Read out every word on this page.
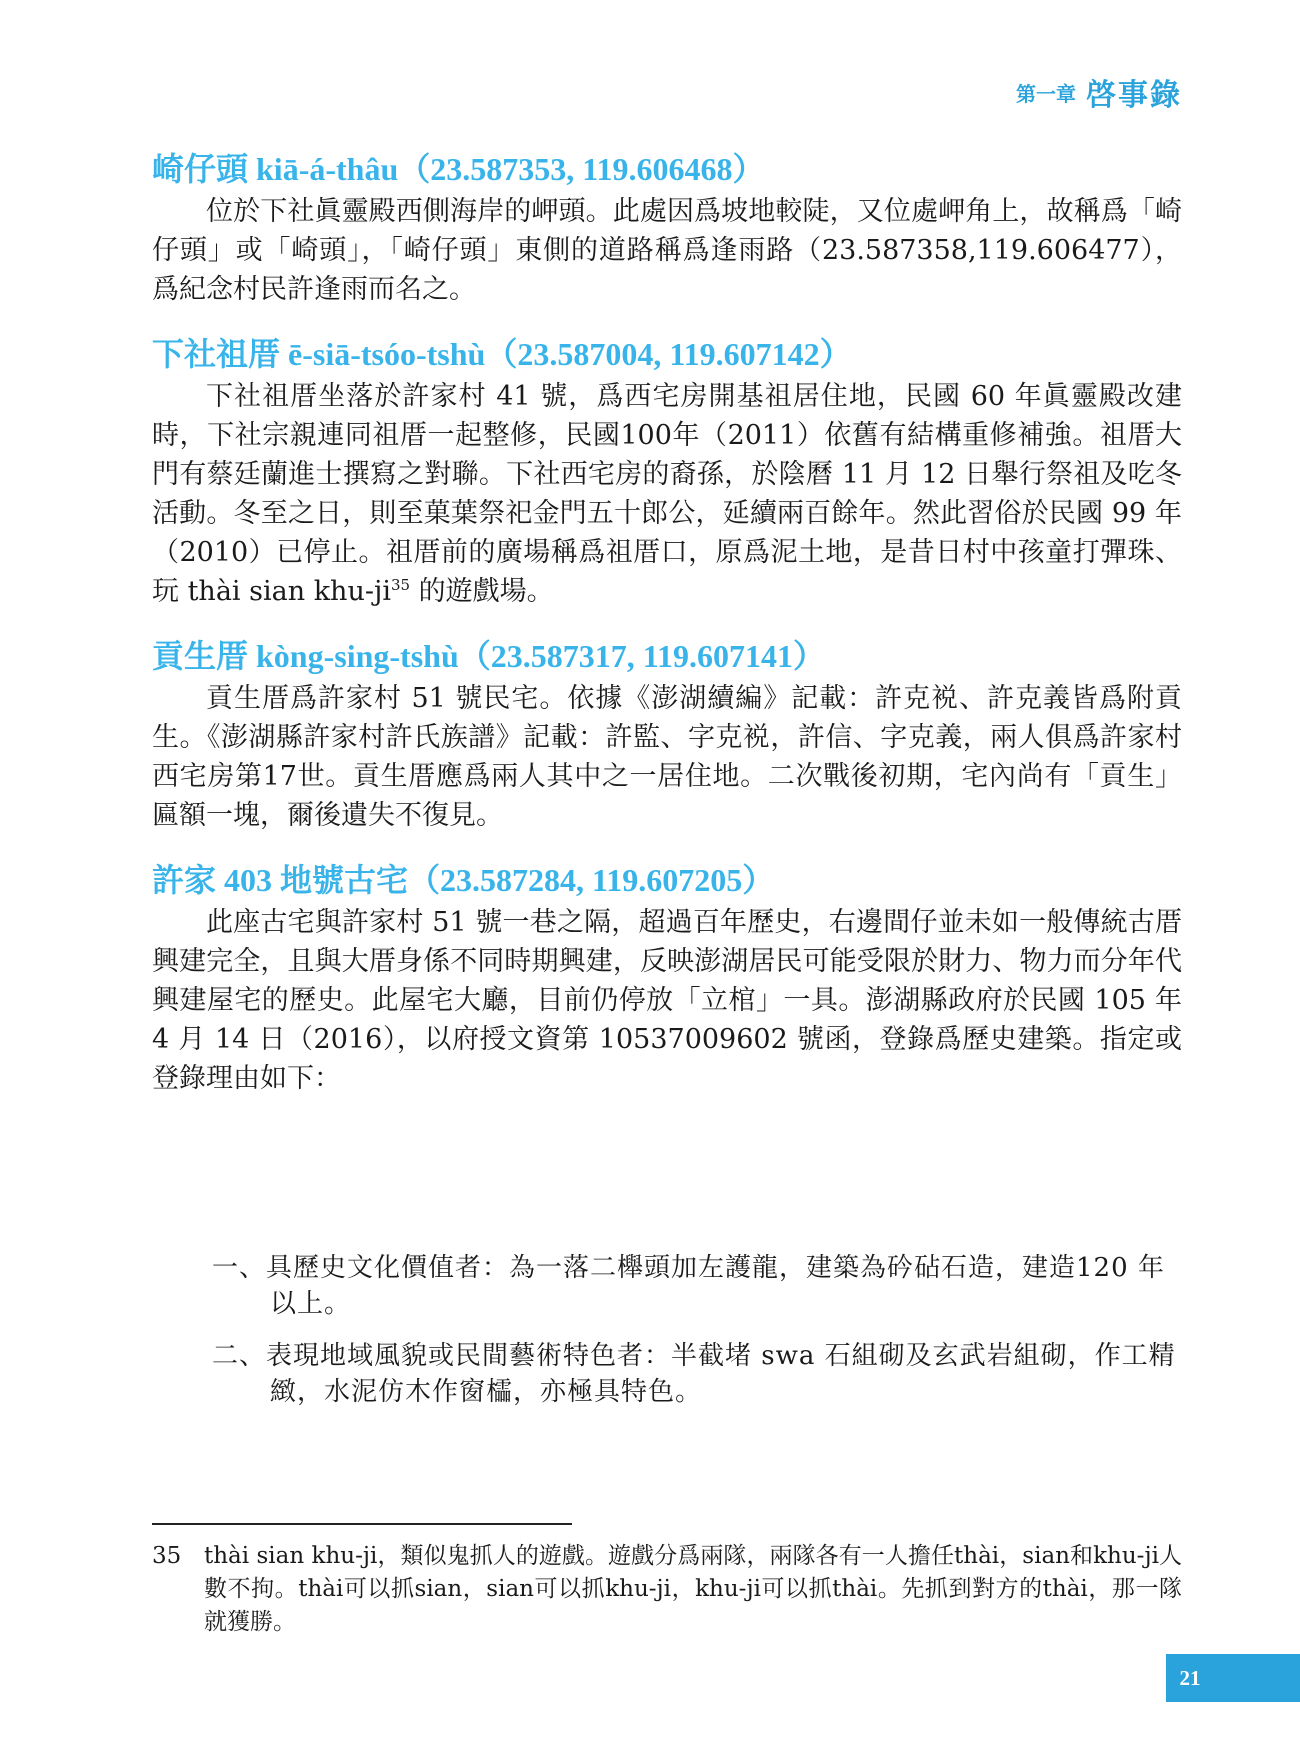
第一章 啓事錄
崎仔頭 kiā-á-thâu（23.587353, 119.606468）

位於下社眞靈殿西側海岸的岬頭。此處因爲坡地較陡，又位處岬角上，故稱爲「崎仔頭」或「崎頭」，「崎仔頭」東側的道路稱爲逢雨路（23.587358,119.606477），爲紀念村民許逢雨而名之。

下社祖厝 ē-siā-tsóo-tshù（23.587004, 119.607142）

下社祖厝坐落於許家村 41 號，爲西宅房開基祖居住地，民國 60 年眞靈殿改建時，下社宗親連同祖厝一起整修，民國100年（2011）依舊有結構重修補強。祖厝大門有蔡廷蘭進士撰寫之對聯。下社西宅房的裔孫，於陰曆 11 月 12 日舉行祭祖及吃冬活動。冬至之日，則至菓葉祭祀金門五十郎公，延續兩百餘年。然此習俗於民國 99 年（2010）已停止。祖厝前的廣場稱爲祖厝口，原爲泥土地，是昔日村中孩童打彈珠、玩 thài sian khu-$ji^{35}$ 的遊戲場。

貢生厝 kòng-sing-tshù（23.587317, 119.607141）

貢生厝爲許家村 51 號民宅。依據《澎湖續編》記載：許克裞、許克義皆爲附貢生。《澎湖縣許家村許氏族譜》記載：許監、字克裞，許信、字克義，兩人俱爲許家村西宅房第17世。貢生厝應爲兩人其中之一居住地。二次戰後初期，宅內尚有「貢生」匾額一塊，爾後遺失不復見。

許家 403 地號古宅（23.587284, 119.607205）

此座古宅與許家村 51 號一巷之隔，超過百年歷史，右邊間仔並未如一般傳統古厝興建完全，且與大厝身係不同時期興建，反映澎湖居民可能受限於財力、物力而分年代興建屋宅的歷史。此屋宅大廳，目前仍停放「立棺」一具。澎湖縣政府於民國 105 年 4 月 14 日（2016），以府授文資第 10537009602 號函，登錄爲歷史建築。指定或登錄理由如下：

一、具歷史文化價值者：為一落二櫸頭加左護龍，建築為砛砧石造，建造120 年以上。

二、表現地域風貌或民間藝術特色者：半截堵 swa 石組砌及玄武岩組砌，作工精緻，水泥仿木作窗櫺，亦極具特色。

35 thài sian khu-ji，類似鬼抓人的遊戲。遊戲分爲兩隊，兩隊各有一人擔任thài，sian和khu-ji人數不拘。thài可以抓sian，sian可以抓khu-ji，khu-ji可以抓thài。先抓到對方的thài，那一隊就獲勝。
21
